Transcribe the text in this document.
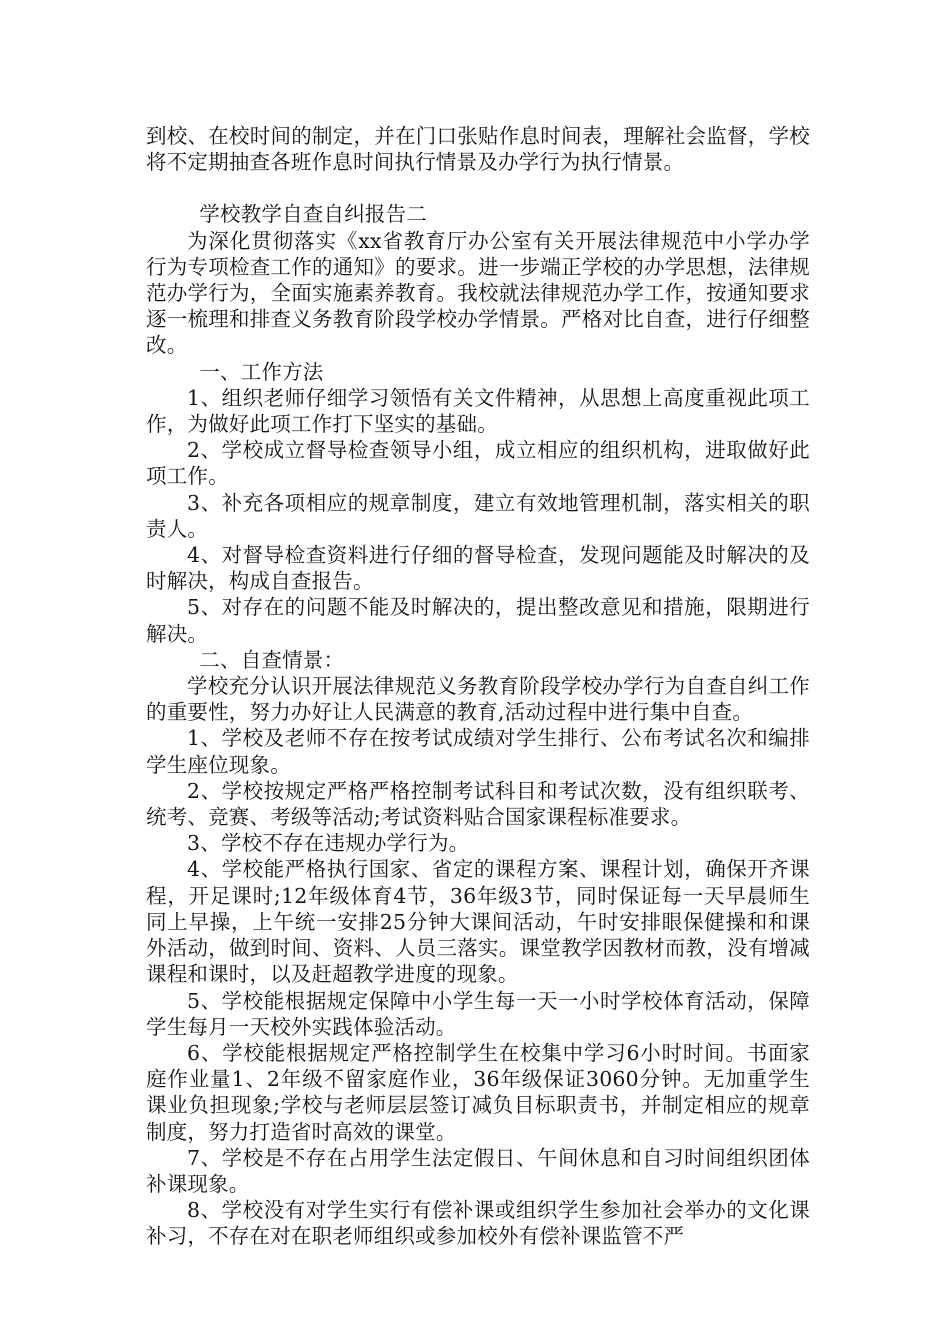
到校、在校时间的制定，并在门口张贴作息时间表，理解社会监督，学校将不定期抽查各班作息时间执行情景及办学行为执行情景。

学校教学自查自纠报告二

为深化贯彻落实《xx省教育厅办公室有关开展法律规范中小学办学行为专项检查工作的通知》的要求。进一步端正学校的办学思想，法律规范办学行为，全面实施素养教育。我校就法律规范办学工作，按通知要求逐一梳理和排查义务教育阶段学校办学情景。严格对比自查，进行仔细整改。

一、工作方法

1、组织老师仔细学习领悟有关文件精神，从思想上高度重视此项工作，为做好此项工作打下坚实的基础。

2、学校成立督导检查领导小组，成立相应的组织机构，进取做好此项工作。

3、补充各项相应的规章制度，建立有效地管理机制，落实相关的职责人。

4、对督导检查资料进行仔细的督导检查，发现问题能及时解决的及时解决，构成自查报告。

5、对存在的问题不能及时解决的，提出整改意见和措施，限期进行解决。

二、自查情景：

学校充分认识开展法律规范义务教育阶段学校办学行为自查自纠工作的重要性，努力办好让人民满意的教育,活动过程中进行集中自查。

1、学校及老师不存在按考试成绩对学生排行、公布考试名次和编排学生座位现象。

2、学校按规定严格严格控制考试科目和考试次数，没有组织联考、统考、竞赛、考级等活动;考试资料贴合国家课程标准要求。

3、学校不存在违规办学行为。

4、学校能严格执行国家、省定的课程方案、课程计划，确保开齐课程，开足课时;12年级体育4节，36年级3节，同时保证每一天早晨师生同上早操，上午统一安排25分钟大课间活动，午时安排眼保健操和和课外活动，做到时间、资料、人员三落实。课堂教学因教材而教，没有增减课程和课时，以及赶超教学进度的现象。

5、学校能根据规定保障中小学生每一天一小时学校体育活动，保障学生每月一天校外实践体验活动。

6、学校能根据规定严格控制学生在校集中学习6小时时间。书面家庭作业量1、2年级不留家庭作业，36年级保证3060分钟。无加重学生课业负担现象;学校与老师层层签订减负目标职责书，并制定相应的规章制度，努力打造省时高效的课堂。

7、学校是不存在占用学生法定假日、午间休息和自习时间组织团体补课现象。

8、学校没有对学生实行有偿补课或组织学生参加社会举办的文化课补习，不存在对在职老师组织或参加校外有偿补课监管不严
